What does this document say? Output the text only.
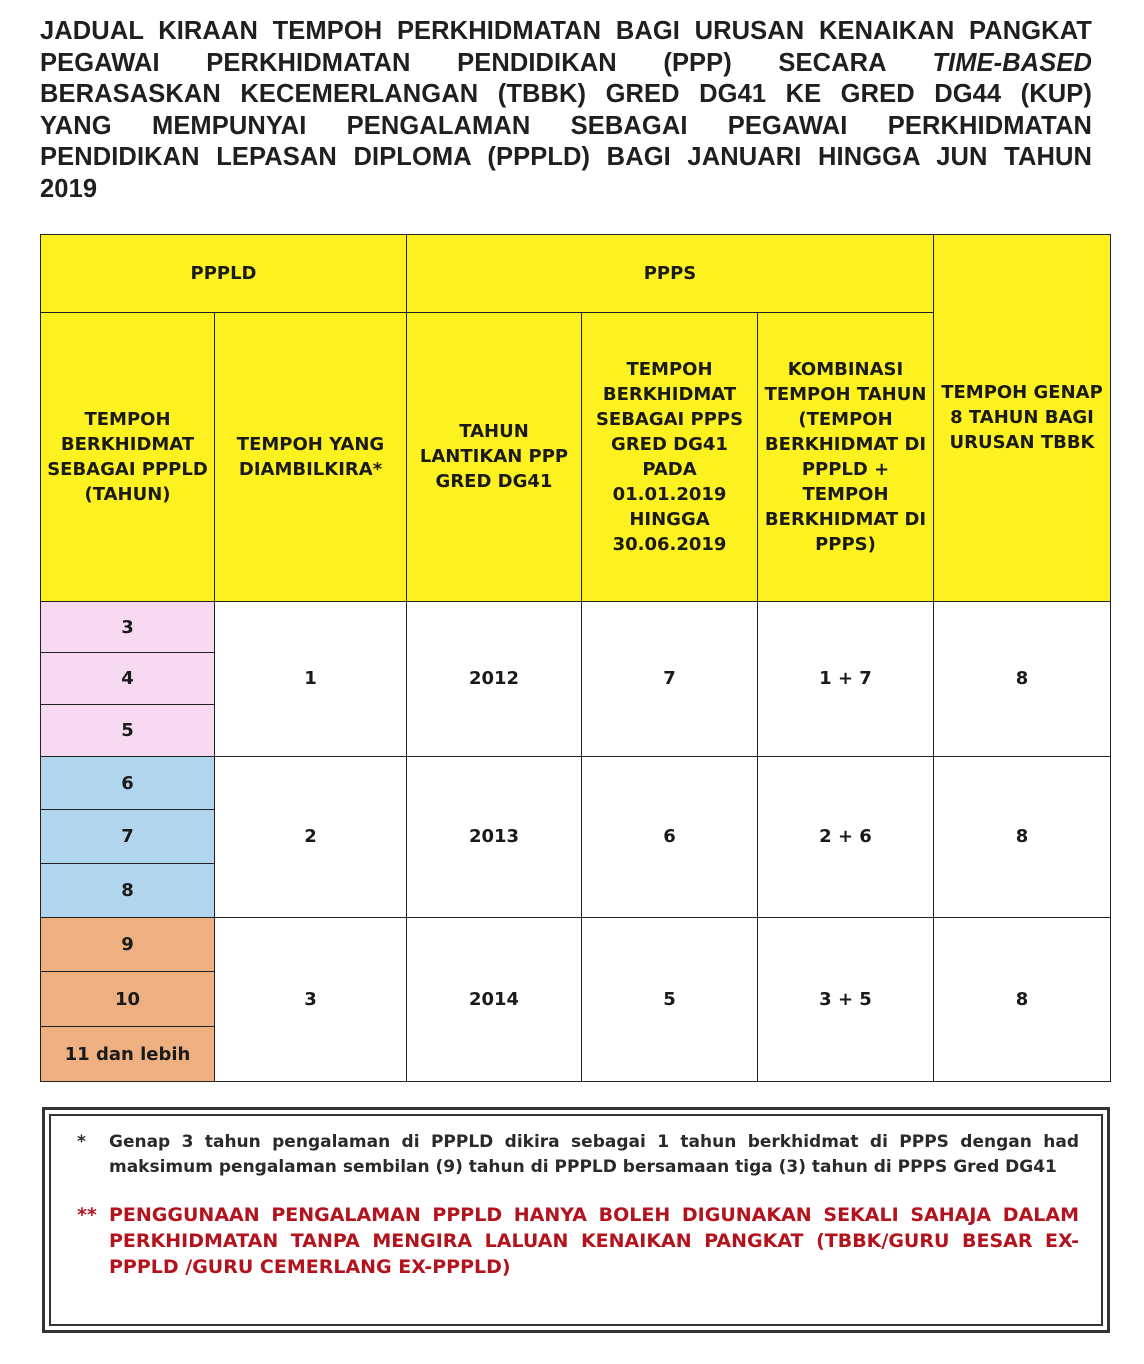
JADUAL KIRAAN TEMPOH PERKHIDMATAN BAGI URUSAN KENAIKAN PANGKAT
PEGAWAI PERKHIDMATAN PENDIDIKAN (PPP) SECARA TIME-BASED
BERASASKAN KECEMERLANGAN (TBBK) GRED DG41 KE GRED DG44 (KUP)
YANG MEMPUNYAI PENGALAMAN SEBAGAI PEGAWAI PERKHIDMATAN
PENDIDIKAN LEPASAN DIPLOMA (PPPLD) BAGI JANUARI HINGGA JUN TAHUN
2019
PPPLD		PPPS			TEMPOH GENAP 8 TAHUN BAGI URUSAN TBBK
TEMPOH BERKHIDMAT SEBAGAI PPPLD (TAHUN)	TEMPOH YANG DIAMBILKIRA*	TAHUN LANTIKAN PPP GRED DG41	TEMPOH BERKHIDMAT SEBAGAI PPPS GRED DG41 PADA 01.01.2019 HINGGA 30.06.2019	KOMBINASI TEMPOH TAHUN (TEMPOH BERKHIDMAT DI PPPLD + TEMPOH BERKHIDMAT DI PPPS)	
3	1	2012	7	1 + 7	8
4					
5					
6	2	2013	6	2 + 6	8
7					
8					
9	3	2014	5	3 + 5	8
10					
11 dan lebih					
*	Genap 3 tahun pengalaman di PPPLD dikira sebagai 1 tahun berkhidmat di PPPS dengan had maksimum pengalaman sembilan (9) tahun di PPPLD bersamaan tiga (3) tahun di PPPS Gred DG41
** PENGGUNAAN PENGALAMAN PPPLD HANYA BOLEH DIGUNAKAN SEKALI SAHAJA DALAM PERKHIDMATAN TANPA MENGIRA LALUAN KENAIKAN PANGKAT (TBBK/GURU BESAR EX-PPPLD /GURU CEMERLANG EX-PPPLD)
